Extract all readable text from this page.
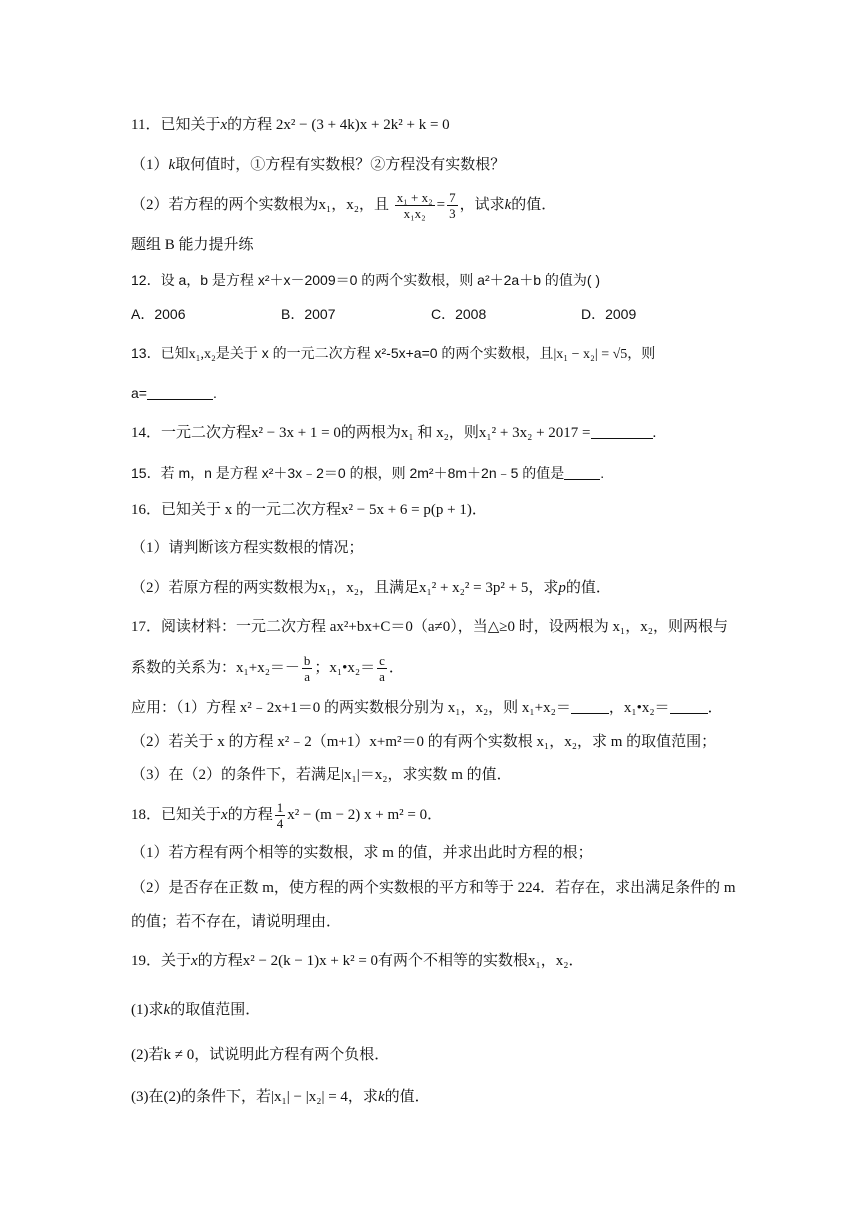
11．已知关于x的方程 2x² − (3 + 4k)x + 2k² + k = 0
（1）k取何值时，①方程有实数根？②方程没有实数根？
（2）若方程的两个实数根为x₁，x₂，且 $\frac{\text{x₁ + x₂}}{\text{x₁x₂}} = \frac{7}{3}$ ，试求k的值．
题组 B 能力提升练
12．设 a，b 是方程 x²＋x－2009＝0 的两个实数根，则 a²＋2a＋b 的值为( )
A．2006	B．2007	C．2008	D．2009
13．已知x₁,x₂是关于 x 的一元二次方程 x²-5x+a=0 的两个实数根，且|x₁ − x₂| = √5，则
a=	.
14．一元二次方程x² − 3x + 1 = 0的两根为x₁ 和 x₂，则x₁² + 3x₂ + 2017 =	.
15．若 m，n 是方程 x²＋3x﹣2＝0 的根，则 2m²＋8m＋2n﹣5 的值是	.
16．已知关于 x 的一元二次方程x² − 5x + 6 = p(p + 1)．
（1）请判断该方程实数根的情况；
（2）若原方程的两实数根为x₁，x₂，且满足x₁² + x₂² = 3p² + 5，求p的值．
17．阅读材料：一元二次方程 ax²+bx+C＝0（a≠0），当△≥0 时，设两根为 x₁，x₂，则两根与
系数的关系为：$x_1+x_2=- \frac{b}{a}$ ；x₁•x₂＝ $\frac{c}{a}$ ．
应用：（1）方程 x²﹣2x+1＝0 的两实数根分别为 x₁，x₂，则 x₁+x₂＝	，x₁•x₂＝	．
（2）若关于 x 的方程 x²﹣2（m+1）x+m²＝0 的有两个实数根 x₁，x₂，求 m 的取值范围；
（3）在（2）的条件下，若满足|x₁|＝x₂，求实数 m 的值．
18．已知关于x的方程 $\frac{1}{4} x^2 - (m - 2) x + m^2 = 0$．
（1）若方程有两个相等的实数根，求 m 的值，并求出此时方程的根；
（2）是否存在正数 m，使方程的两个实数根的平方和等于 224．若存在，求出满足条件的 m
的值；若不存在，请说明理由．
19．关于x的方程x² − 2(k − 1)x + k² = 0有两个不相等的实数根x₁，x₂．
(1)求k的取值范围．
(2)若k ≠ 0，试说明此方程有两个负根．
(3)在(2)的条件下，若|x₁| − |x₂| = 4，求k的值．
